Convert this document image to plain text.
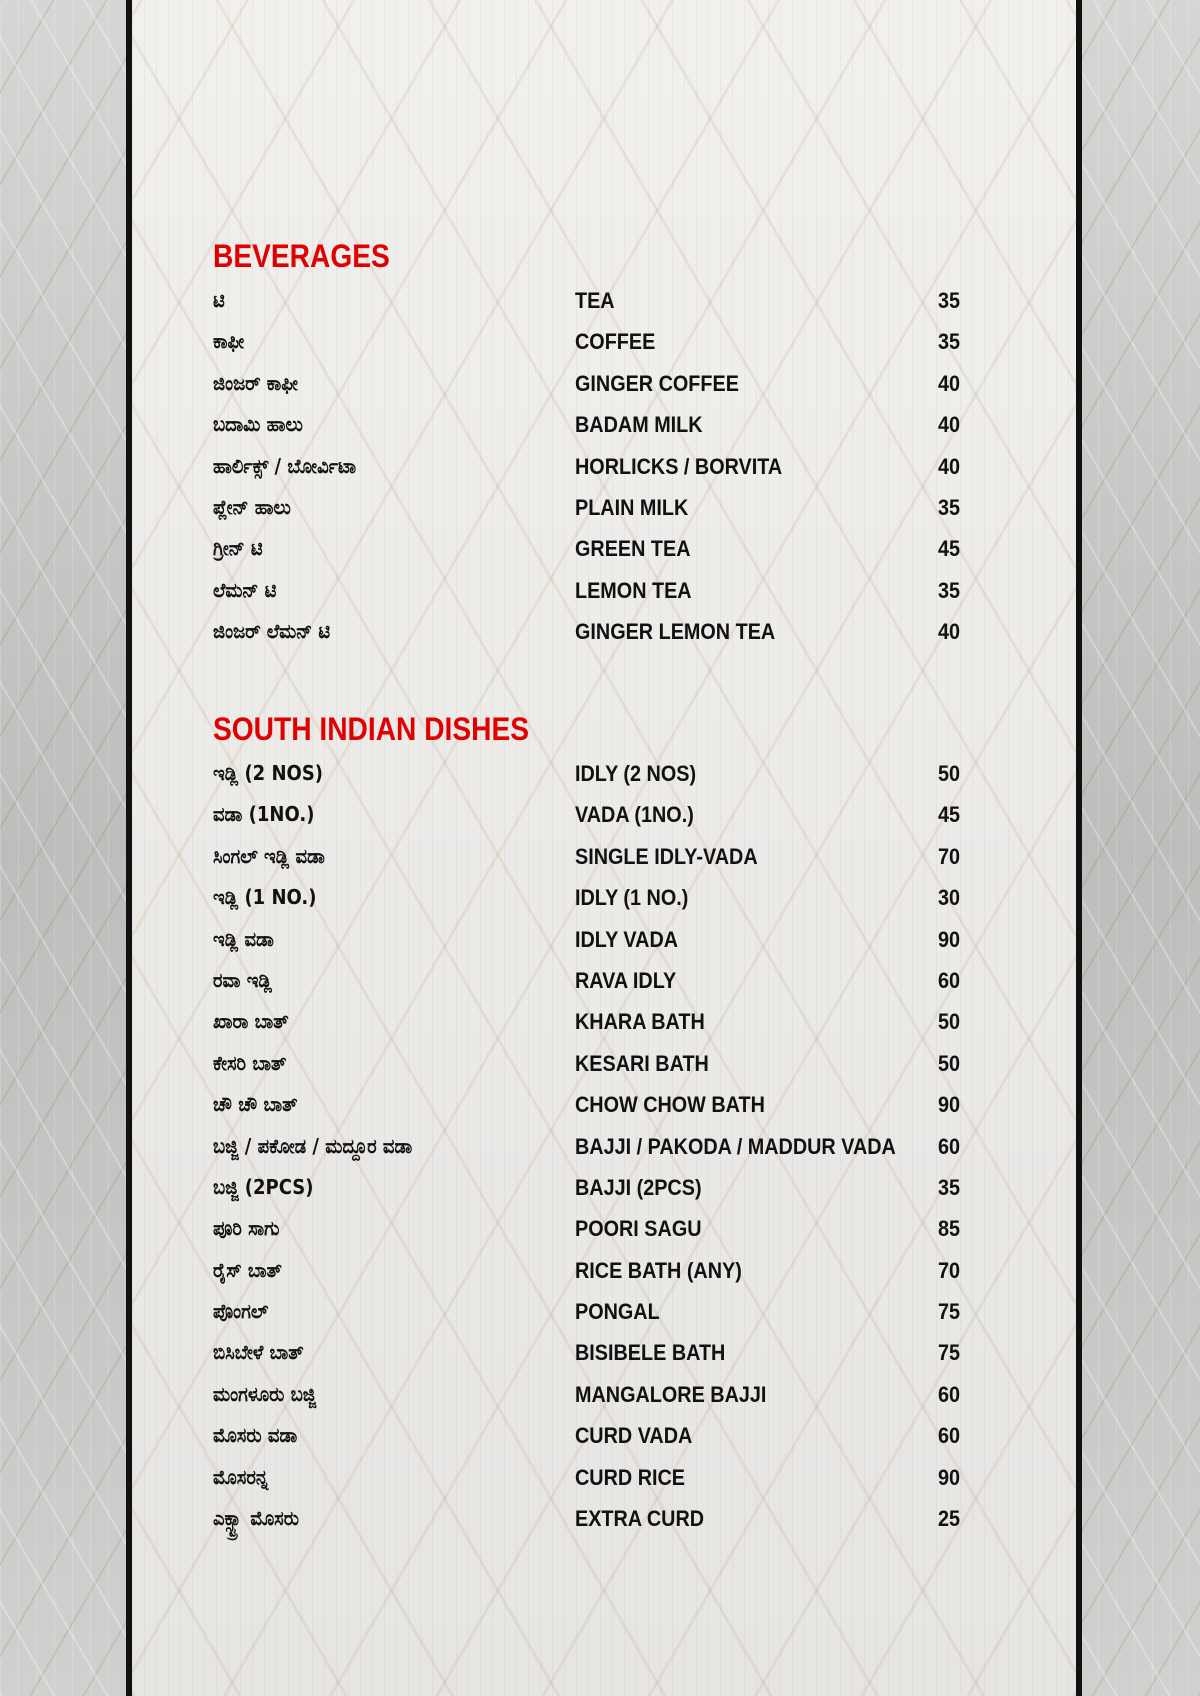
BEVERAGES
ಟಿ	TEA	35
ಕಾಫೀ	COFFEE	35
ಜಿಂಜರ್ ಕಾಫೀ	GINGER COFFEE	40
ಬದಾಮಿ ಹಾಲು	BADAM MILK	40
ಹಾರ್ಲಿಕ್ಸ್ / ಬೋರ್ವಿಟಾ	HORLICKS / BORVITA	40
ಪ್ಲೇನ್ ಹಾಲು	PLAIN MILK	35
ಗ್ರೀನ್ ಟಿ	GREEN TEA	45
ಲೆಮನ್ ಟಿ	LEMON TEA	35
ಜಿಂಜರ್ ಲೆಮನ್ ಟಿ	GINGER LEMON TEA	40
SOUTH INDIAN DISHES
ಇಡ್ಲಿ (2 NOS)	IDLY (2 NOS)	50
ವಡಾ (1NO.)	VADA (1NO.)	45
ಸಿಂಗಲ್ ಇಡ್ಲಿ ವಡಾ	SINGLE IDLY-VADA	70
ಇಡ್ಲಿ (1 NO.)	IDLY (1 NO.)	30
ಇಡ್ಲಿ ವಡಾ	IDLY VADA	90
ರವಾ ಇಡ್ಲಿ	RAVA IDLY	60
ಖಾರಾ ಬಾತ್	KHARA BATH	50
ಕೇಸರಿ ಬಾತ್	KESARI BATH	50
ಚೌ ಚೌ ಬಾತ್	CHOW CHOW BATH	90
ಬಜ್ಜಿ / ಪಕೋಡ / ಮದ್ದೂರ ವಡಾ	BAJJI / PAKODA / MADDUR VADA 60
ಬಜ್ಜಿ (2PCS)	BAJJI (2PCS)	35
ಪೂರಿ ಸಾಗು	POORI SAGU	85
ರೈಸ್ ಬಾತ್	RICE BATH (ANY)	70
ಪೊಂಗಲ್	PONGAL	75
ಬಿಸಿಬೇಳೆ ಬಾತ್	BISIBELE BATH	75
ಮಂಗಳೂರು ಬಜ್ಜಿ	MANGALORE BAJJI	60
ಮೊಸರು ವಡಾ	CURD VADA	60
ಮೊಸರನ್ನ	CURD RICE	90
ಎಕ್ಸ್ಟ್ರಾ ಮೊಸರು	EXTRA CURD	25
